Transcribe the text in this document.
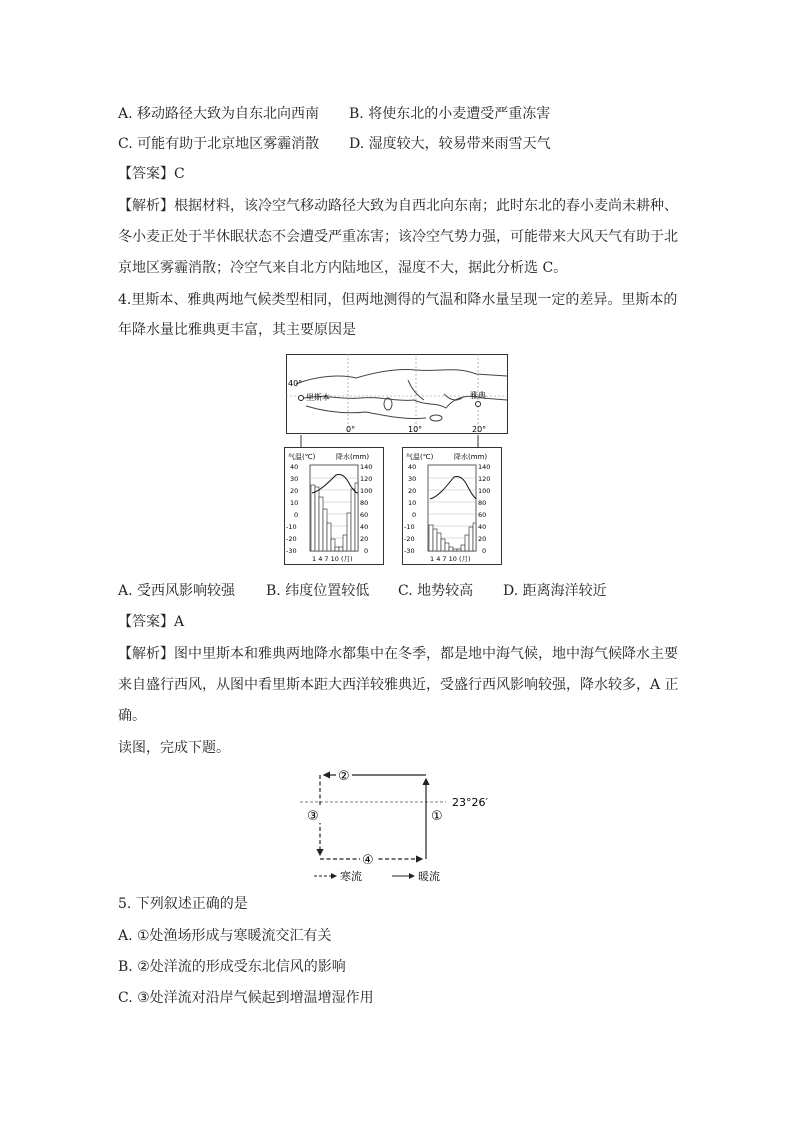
A. 移动路径大致为自东北向西南 B. 将使东北的小麦遭受严重冻害
C. 可能有助于北京地区雾霾消散 D. 湿度较大，较易带来雨雪天气
【答案】C
【解析】根据材料，该冷空气移动路径大致为自西北向东南；此时东北的春小麦尚未耕种、
冬小麦正处于半休眠状态不会遭受严重冻害；该冷空气势力强，可能带来大风天气有助于北
京地区雾霾消散；冷空气来自北方内陆地区，湿度不大，据此分析选 C。
4.里斯本、雅典两地气候类型相同，但两地测得的气温和降水量呈现一定的差异。里斯本的
年降水量比雅典更丰富，其主要原因是
40°
里斯本	雅典
0°	10°	20°
气温(℃)	降水(mm)
40
30
20
10
0
-10
-20
-30
140
120
100
80
60
40
20
0
1 4 7 10 (月)
气温(℃)	降水(mm)
40
30
20
10
0
-10
-20
-30
140
120
100
80
60
40
20
0
1 4 7 10 (月)
A. 受西风影响较强 B. 纬度位置较低 C. 地势较高 D. 距离海洋较近
【答案】A
【解析】图中里斯本和雅典两地降水都集中在冬季，都是地中海气候，地中海气候降水主要
来自盛行西风，从图中看里斯本距大西洋较雅典近，受盛行西风影响较强，降水较多，A 正
确。
读图，完成下题。
②
③
④
①
23°26′
寒流	暖流
5. 下列叙述正确的是
A. ①处渔场形成与寒暖流交汇有关
B. ②处洋流的形成受东北信风的影响
C. ③处洋流对沿岸气候起到增温增湿作用
